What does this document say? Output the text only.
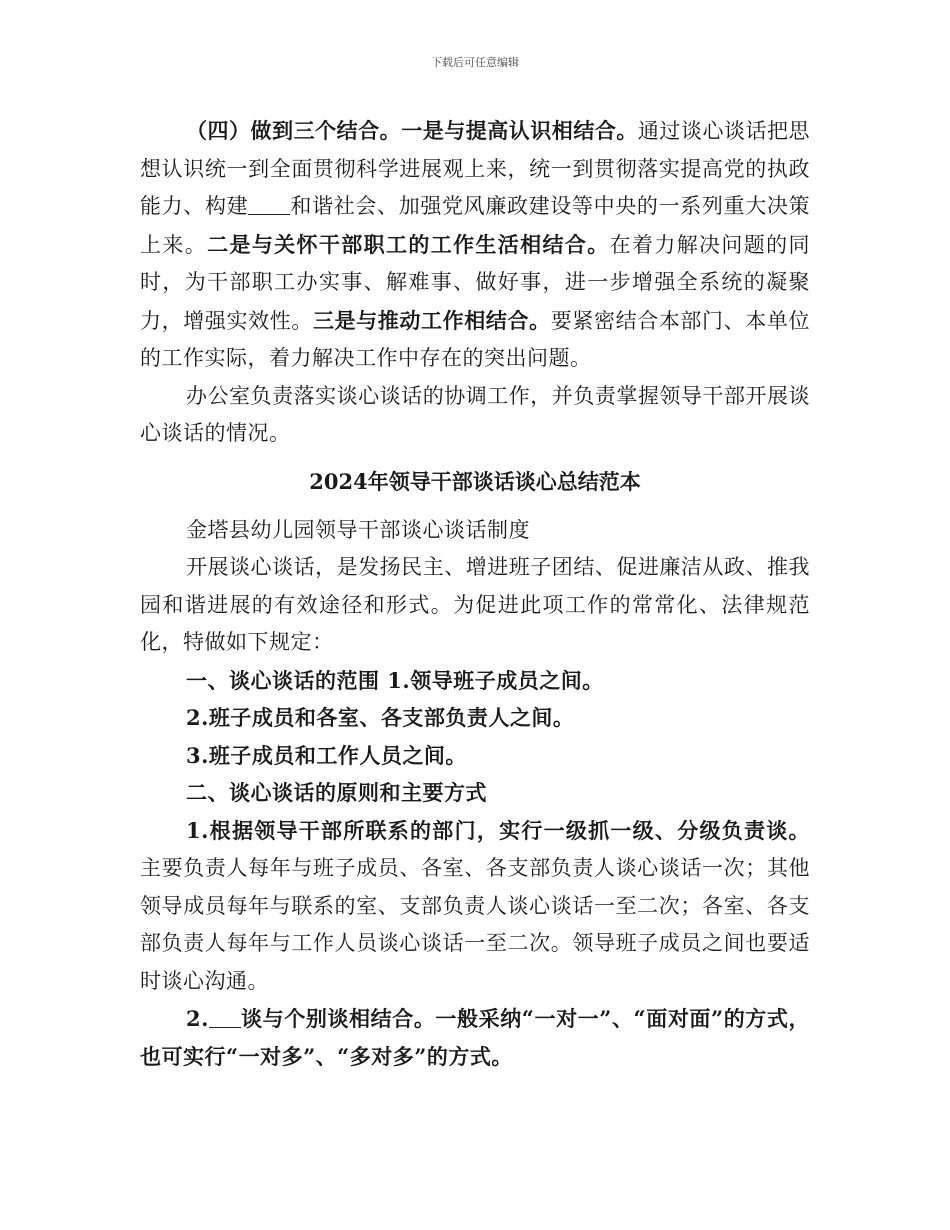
下载后可任意编辑

（四）做到三个结合。一是与提高认识相结合。通过谈心谈话把思想认识统一到全面贯彻科学进展观上来，统一到贯彻落实提高党的执政能力、构建 和谐社会、加强党风廉政建设等中央的一系列重大决策上来。二是与关怀干部职工的工作生活相结合。在着力解决问题的同时，为干部职工办实事、解难事、做好事，进一步增强全系统的凝聚力，增强实效性。三是与推动工作相结合。要紧密结合本部门、本单位的工作实际，着力解决工作中存在的突出问题。

办公室负责落实谈心谈话的协调工作，并负责掌握领导干部开展谈心谈话的情况。

2024年领导干部谈话谈心总结范本

金塔县幼儿园领导干部谈心谈话制度

开展谈心谈话，是发扬民主、增进班子团结、促进廉洁从政、推我园和谐进展的有效途径和形式。为促进此项工作的常常化、法律规范化，特做如下规定：

一、谈心谈话的范围 1.领导班子成员之间。

2.班子成员和各室、各支部负责人之间。

3.班子成员和工作人员之间。

二、谈心谈话的原则和主要方式

1.根据领导干部所联系的部门，实行一级抓一级、分级负责谈。主要负责人每年与班子成员、各室、各支部负责人谈心谈话一次；其他领导成员每年与联系的室、支部负责人谈心谈话一至二次；各室、各支部负责人每年与工作人员谈心谈话一至二次。领导班子成员之间也要适时谈心沟通。

2. 谈与个别谈相结合。一般采纳“一对一”、“面对面”的方式，也可实行“一对多”、“多对多”的方式。
